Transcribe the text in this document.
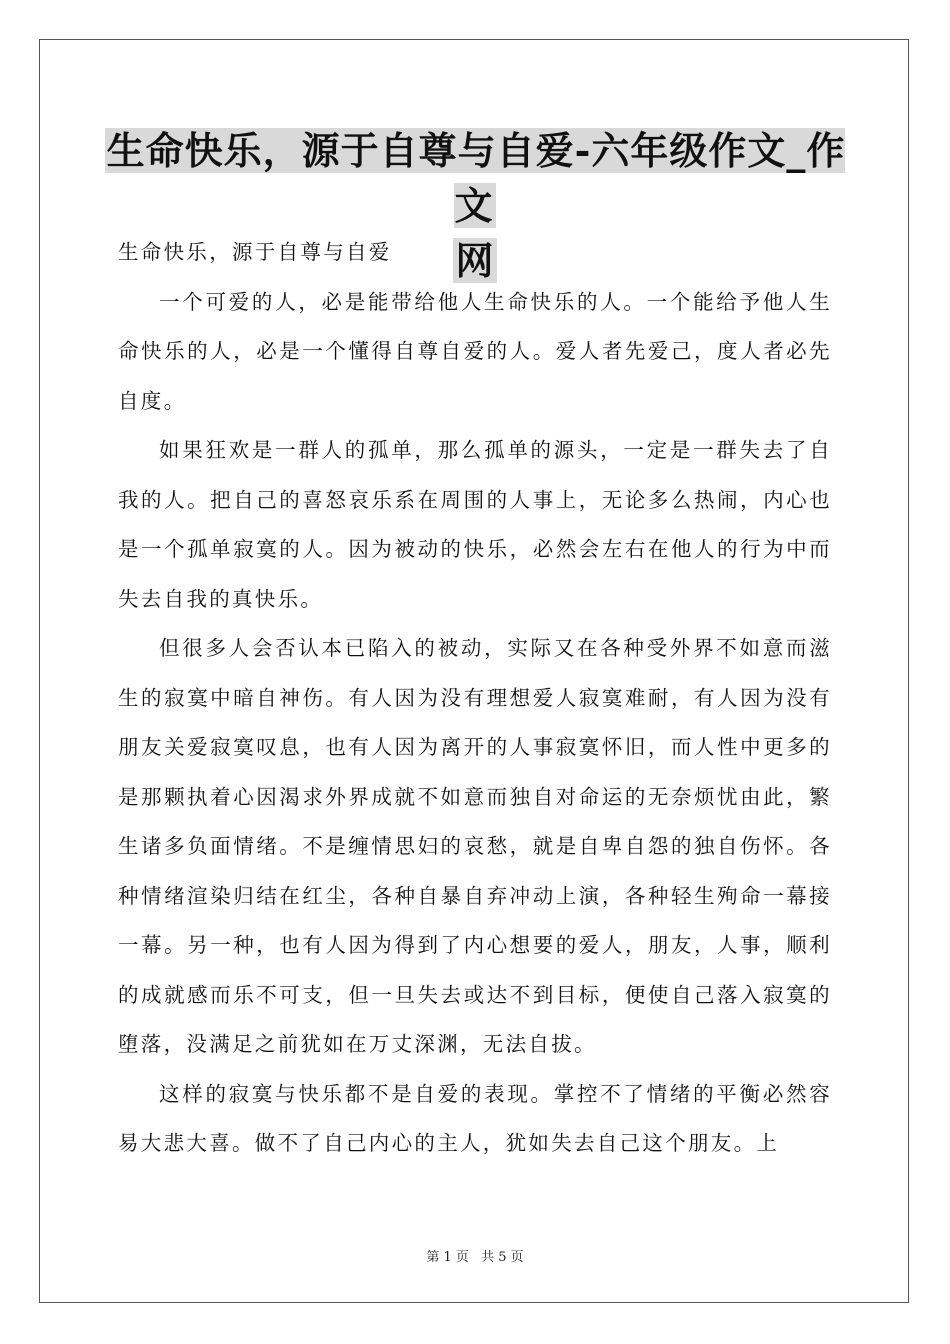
生命快乐，源于自尊与自爱-六年级作文_作文
网

生命快乐，源于自尊与自爱

一个可爱的人，必是能带给他人生命快乐的人。一个能给予他人生命快乐的人，必是一个懂得自尊自爱的人。爱人者先爱己，度人者必先自度。

如果狂欢是一群人的孤单，那么孤单的源头，一定是一群失去了自我的人。把自己的喜怒哀乐系在周围的人事上，无论多么热闹，内心也是一个孤单寂寞的人。因为被动的快乐，必然会左右在他人的行为中而失去自我的真快乐。

但很多人会否认本已陷入的被动，实际又在各种受外界不如意而滋生的寂寞中暗自神伤。有人因为没有理想爱人寂寞难耐，有人因为没有朋友关爱寂寞叹息，也有人因为离开的人事寂寞怀旧，而人性中更多的是那颗执着心因渴求外界成就不如意而独自对命运的无奈烦忧由此，繁生诸多负面情绪。不是缠情思妇的哀愁，就是自卑自怨的独自伤怀。各种情绪渲染归结在红尘，各种自暴自弃冲动上演，各种轻生殉命一幕接一幕。另一种，也有人因为得到了内心想要的爱人，朋友，人事，顺利的成就感而乐不可支，但一旦失去或达不到目标，便使自己落入寂寞的堕落，没满足之前犹如在万丈深渊，无法自拔。

这样的寂寞与快乐都不是自爱的表现。掌控不了情绪的平衡必然容易大悲大喜。做不了自己内心的主人，犹如失去自己这个朋友。上

第 1 页 共 5 页
